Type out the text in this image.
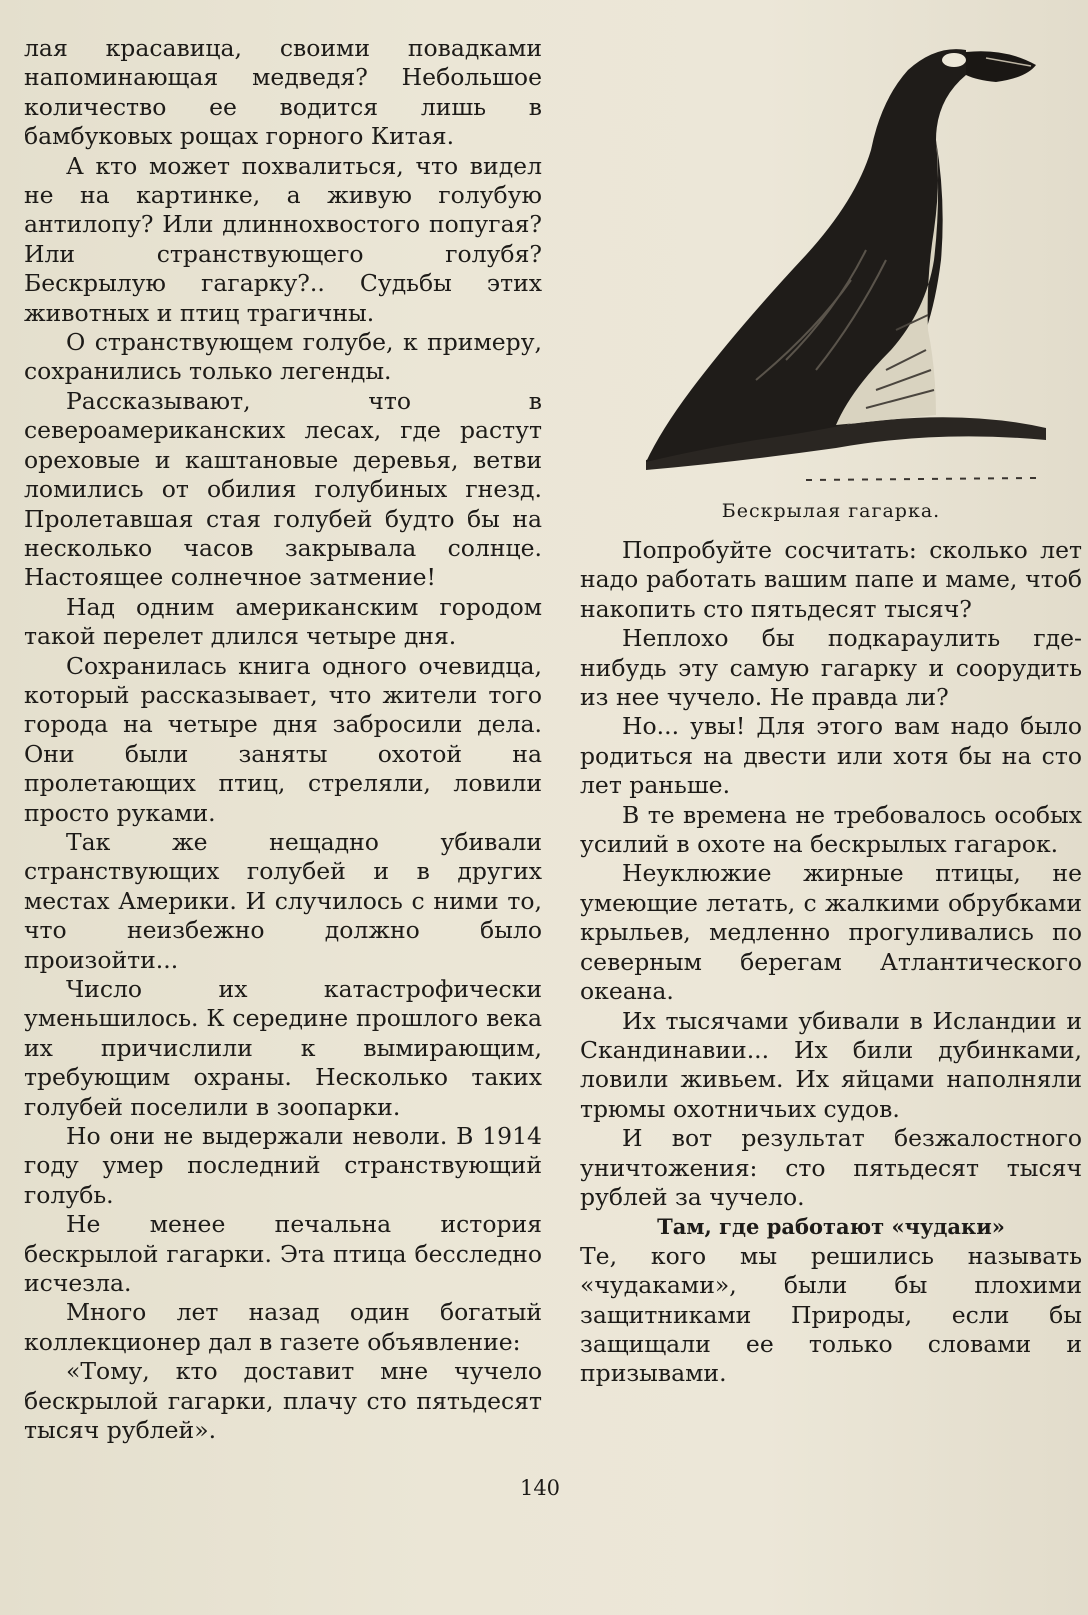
лая красавица, своими повадками напоминающая медведя? Небольшое количество ее водится лишь в бамбуковых рощах горного Китая.

А кто может похвалиться, что видел не на картинке, а живую голубую антилопу? Или длиннохвостого попугая? Или странствующего голубя? Бескрылую гагарку?.. Судьбы этих животных и птиц трагичны.

О странствующем голубе, к примеру, сохранились только легенды.

Рассказывают, что в североамериканских лесах, где растут ореховые и каштановые деревья, ветви ломились от обилия голубиных гнезд. Пролетавшая стая голубей будто бы на несколько часов закрывала солнце. Настоящее солнечное затмение!

Над одним американским городом такой перелет длился четыре дня.

Сохранилась книга одного очевидца, который рассказывает, что жители того города на четыре дня забросили дела. Они были заняты охотой на пролетающих птиц, стреляли, ловили просто руками.

Так же нещадно убивали странствующих голубей и в других местах Америки. И случилось с ними то, что неизбежно должно было произойти...

Число их катастрофически уменьшилось. К середине прошлого века их причислили к вымирающим, требующим охраны. Несколько таких голубей поселили в зоопарки.

Но они не выдержали неволи. В 1914 году умер последний странствующий голубь.

Не менее печальна история бескрылой гагарки. Эта птица бесследно исчезла.

Много лет назад один богатый коллекционер дал в газете объявление:

«Тому, кто доставит мне чучело бескрылой гагарки, плачу сто пятьдесят тысяч рублей».

Бескрылая гагарка.

Попробуйте сосчитать: сколько лет надо работать вашим папе и маме, чтоб накопить сто пятьдесят тысяч?

Неплохо бы подкараулить где-нибудь эту самую гагарку и соорудить из нее чучело. Не правда ли?

Но... увы! Для этого вам надо было родиться на двести или хотя бы на сто лет раньше.

В те времена не требовалось особых усилий в охоте на бескрылых гагарок.

Неуклюжие жирные птицы, не умеющие летать, с жалкими обрубками крыльев, медленно прогуливались по северным берегам Атлантического океана.

Их тысячами убивали в Исландии и Скандинавии... Их били дубинками, ловили живьем. Их яйцами наполняли трюмы охотничьих судов.

И вот результат безжалостного уничтожения: сто пятьдесят тысяч рублей за чучело.

Там, где работают «чудаки»

Те, кого мы решились называть «чудаками», были бы плохими защитниками Природы, если бы защищали ее только словами и призывами.

140
